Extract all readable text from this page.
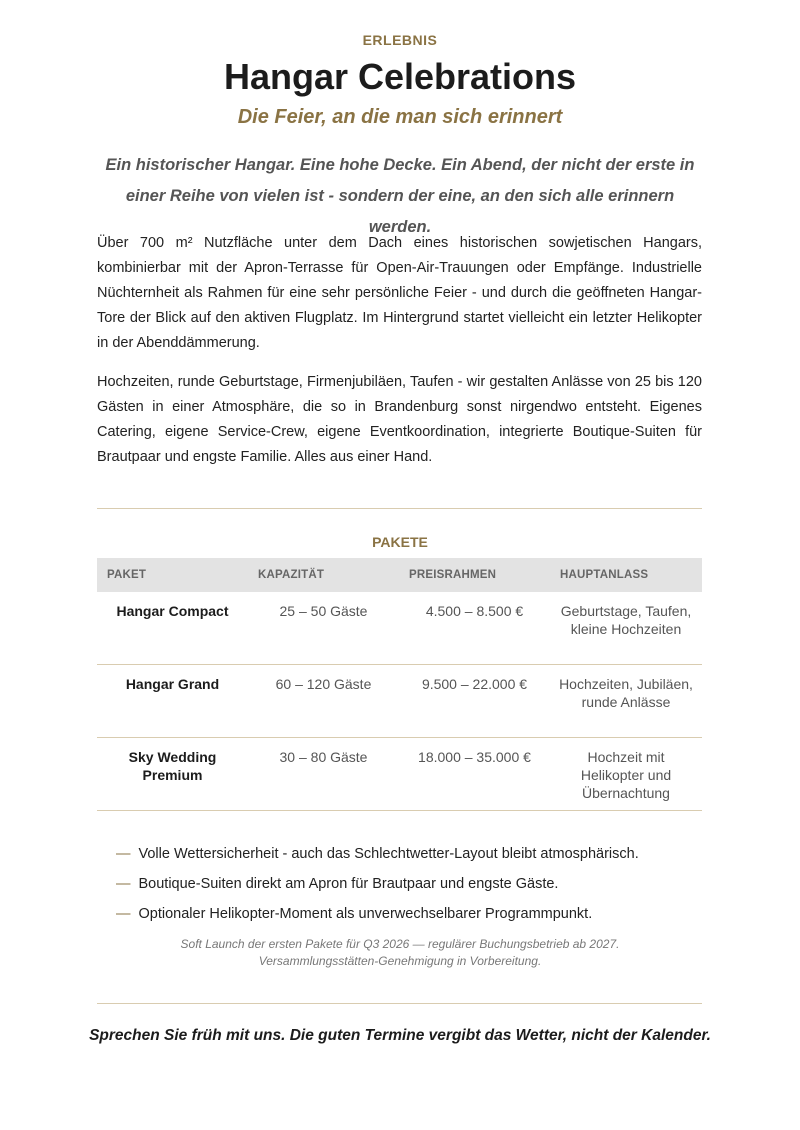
ERLEBNIS
Hangar Celebrations
Die Feier, an die man sich erinnert
Ein historischer Hangar. Eine hohe Decke. Ein Abend, der nicht der erste in einer Reihe von vielen ist - sondern der eine, an den sich alle erinnern werden.

Über 700 m² Nutzfläche unter dem Dach eines historischen sowjetischen Hangars, kombinierbar mit der Apron-Terrasse für Open-Air-Trauungen oder Empfänge. Industrielle Nüchternheit als Rahmen für eine sehr persönliche Feier - und durch die geöffneten Hangar-Tore der Blick auf den aktiven Flugplatz. Im Hintergrund startet vielleicht ein letzter Helikopter in der Abenddämmerung.

Hochzeiten, runde Geburtstage, Firmenjubiläen, Taufen - wir gestalten Anlässe von 25 bis 120 Gästen in einer Atmosphäre, die so in Brandenburg sonst nirgendwo entsteht. Eigenes Catering, eigene Service-Crew, eigene Eventkoordination, integrierte Boutique-Suiten für Brautpaar und engste Familie. Alles aus einer Hand.

PAKETE
PAKET	KAPAZITÄT	PREISRAHMEN	HAUPTANLASS
Hangar Compact	25 – 50 Gäste	4.500 – 8.500 €	Geburtstage, Taufen, kleine Hochzeiten
Hangar Grand	60 – 120 Gäste	9.500 – 22.000 €	Hochzeiten, Jubiläen, runde Anlässe
Sky Wedding Premium	30 – 80 Gäste	18.000 – 35.000 €	Hochzeit mit Helikopter und Übernachtung
— Volle Wettersicherheit - auch das Schlechtwetter-Layout bleibt atmosphärisch.
— Boutique-Suiten direkt am Apron für Brautpaar und engste Gäste.
— Optionaler Helikopter-Moment als unverwechselbarer Programmpunkt.
Soft Launch der ersten Pakete für Q3 2026 — regulärer Buchungsbetrieb ab 2027.
Versammlungsstätten-Genehmigung in Vorbereitung.
Sprechen Sie früh mit uns. Die guten Termine vergibt das Wetter, nicht der Kalender.
